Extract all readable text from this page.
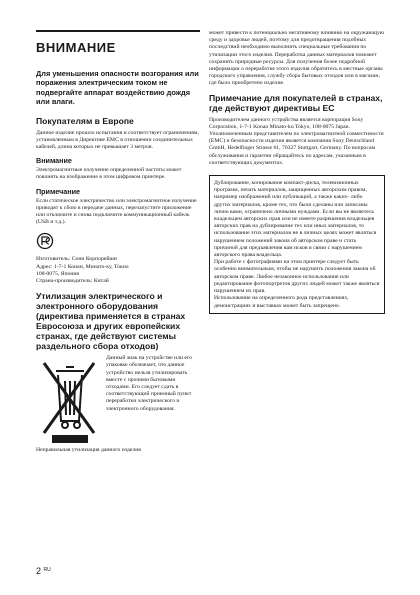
ВНИМАНИЕ
Для уменьшения опасности возгорания или поражения электрическим током не подвергайте аппарат воздействию дождя или влаги.
Покупателям в Европе

Данное изделие прошло испытания и соответствует ограничениям, установленным в Директиве EMC в отношении соединительных кабелей, длина которых не превышает 3 метров.

Внимание

Электромагнитные излучение определенной частоты может повлиять на изображение в этом цифровом принтере.

Примечание

Если статическое электричество или электромагнитное излучение приводят к сбою в передаче данных, перезапустите приложение или отключите и снова подключите коммуникационный кабель (USB и т.д.).

Изготовитель: Сони Корпорейшн

Адрес: 1-7-1 Конан, Минато-ку, Токио

108-0075, Япония

Страна-производитель: Китай

Утилизация электрического и электронного оборудования (директива применяется в странах Евросоюза и других европейских странах, где действуют системы раздельного сбора отходов)

Данный знак на устройстве или его упаковке обозначает, что данное устройство нельзя утилизировать вместе с прочими бытовыми отходами. Его следует сдать в соответствующий приемный пункт переработки электрического и электронного оборудования.

Неправильная утилизация данного изделия

может привести к потенциально негативному влиянию на окружающую среду и здоровье людей, поэтому для предотвращения подобных последствий необходимо выполнять специальные требования по утилизации этого изделия. Переработка данных материалов поможет сохранить природные ресурсы. Для получения более подробной информации о переработке этого изделия обратитесь в местные органы городского управления, службу сбора бытовых отходов или в магазин, где было приобретено изделие.

Примечание для покупателей в странах, где действуют директивы ЕС

Производителем данного устройства является корпорация Sony Corporation, 1-7-1 Konan Minato-ku Tokyo, 108-0075 Japan. Уполномоченным представителем по электромагнитной совместимости (EMC) и безопасности изделия является компания Sony Deutschland GmbH, Hedelfinger Strasse 61, 70327 Stuttgart, Germany. По вопросам обслуживания и гарантии обращайтесь по адресам, указанным в соответствующих документах.

Дублирование, копирование компакт-диска, телевизионных программ, печать материалов, защищенных авторским правом, например изображений или публикаций, а также каких- либо других материалов, кроме тех, что были сделаны или записаны лично вами, ограничено личными нуждами. Если вы не являетесь владельцем авторских прав или не имеете разрешения владельцев авторских прав на дублирование тех или иных материалов, то использование этих материалов не в личных целях может являться нарушением положений закона об авторском праве и стать причиной для предъявления вам исков в связи с нарушением авторского права владельца.

При работе с фотографиями на этом принтере следует быть особенно внимательным, чтобы не нарушить положения закона об авторском праве. Любое незаконное использование или редактирование фотопортретов других людей может также являться нарушением их прав.

Использование на определенного рода представлениях, демонстрациях и выставках может быть запрещено.

2 $^{RU}$
